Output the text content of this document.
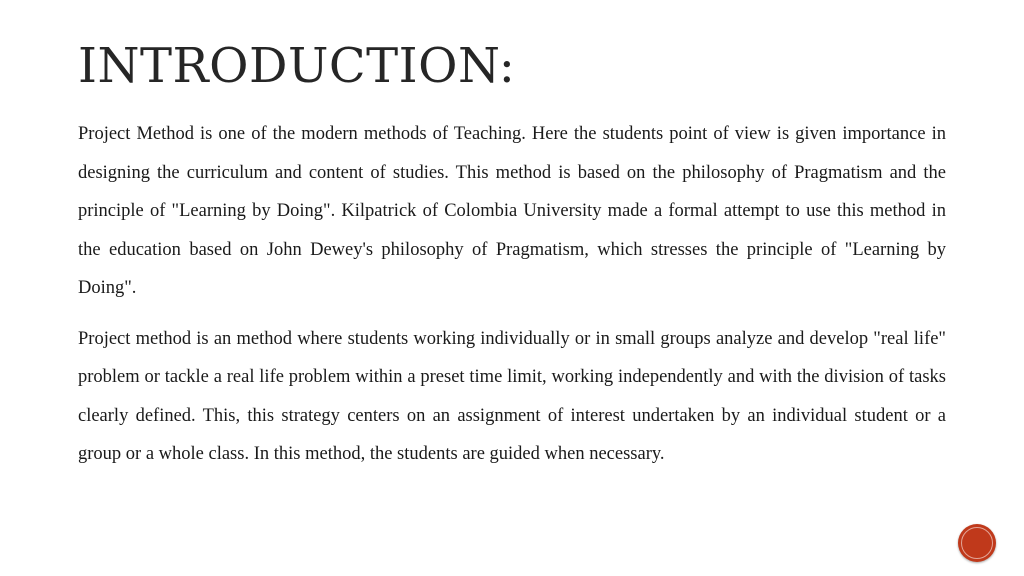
INTRODUCTION:

Project Method is one of the modern methods of Teaching. Here the students point of view is given importance in designing the curriculum and content of studies. This method is based on the philosophy of Pragmatism and the principle of "Learning by Doing". Kilpatrick of Colombia University made a formal attempt to use this method in the education based on John Dewey's philosophy of Pragmatism, which stresses the principle of "Learning by Doing".

Project method is an method where students working individually or in small groups analyze and develop "real life" problem or tackle a real life problem within a preset time limit, working independently and with the division of tasks clearly defined. This, this strategy centers on an assignment of interest undertaken by an individual student or a group or a whole class. In this method, the students are guided when necessary.
